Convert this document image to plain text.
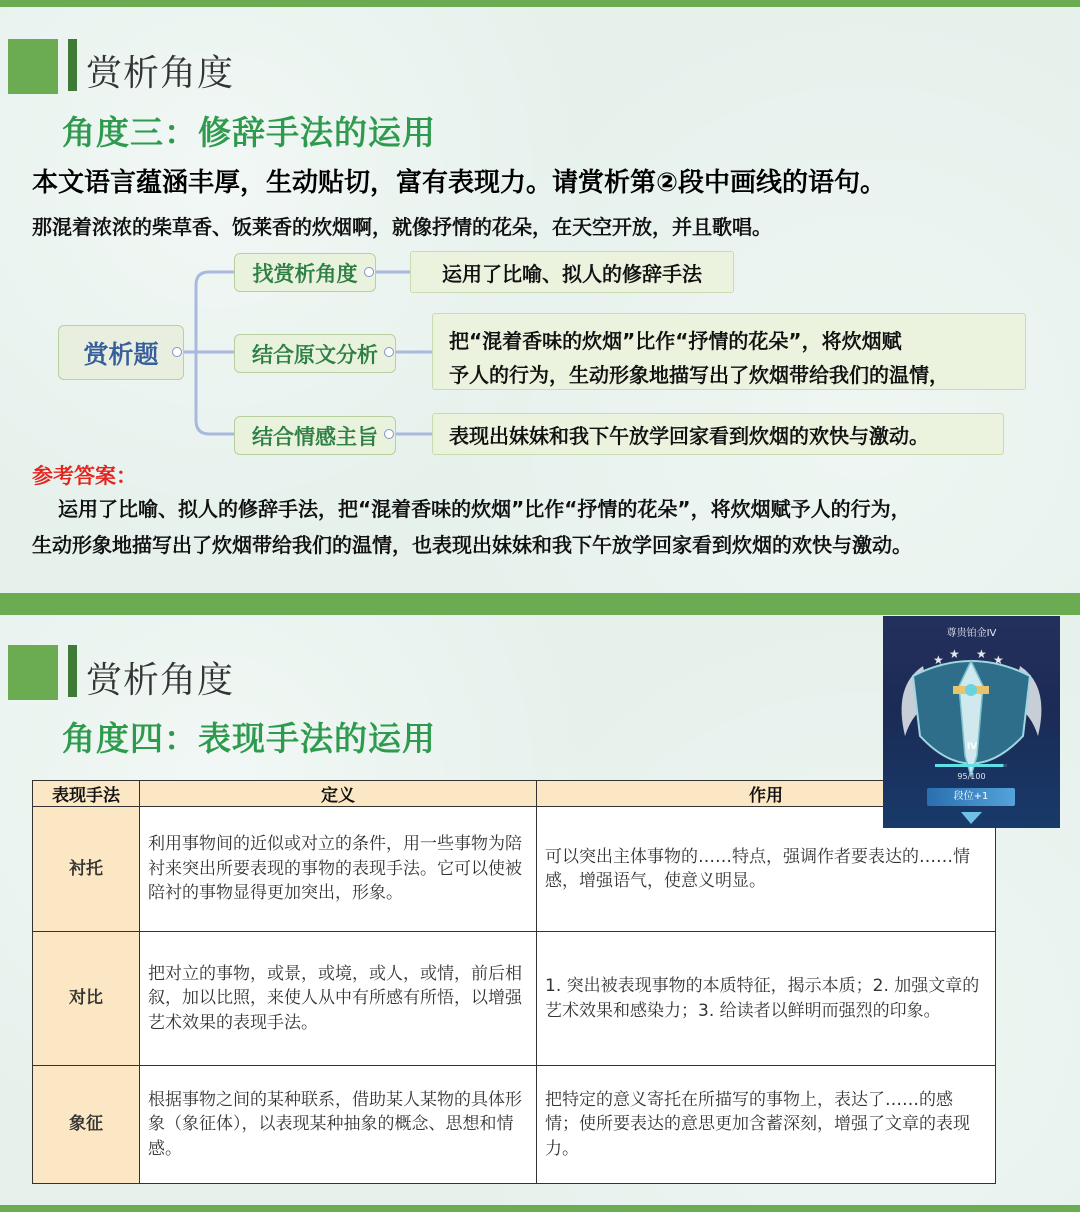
赏析角度
角度三：修辞手法的运用
本文语言蕴涵丰厚，生动贴切，富有表现力。请赏析第②段中画线的语句。
那混着浓浓的柴草香、饭莱香的炊烟啊，就像抒情的花朵，在天空开放，并且歌唱。
赏析题
找赏析角度
结合原文分析
结合情感主旨
运用了比喻、拟人的修辞手法
把“混着香味的炊烟”比作“抒情的花朵”，将炊烟赋
予人的行为，生动形象地描写出了炊烟带给我们的温情，
表现出妹妹和我下午放学回家看到炊烟的欢快与激动。
参考答案：
运用了比喻、拟人的修辞手法，把“混着香味的炊烟”比作“抒情的花朵”，将炊烟赋予人的行为，
生动形象地描写出了炊烟带给我们的温情，也表现出妹妹和我下午放学回家看到炊烟的欢快与激动。
赏析角度
角度四：表现手法的运用
表现手法	定义	作用
衬托	利用事物间的近似或对立的条件，用一些事物为陪衬来突出所要表现的事物的表现手法。它可以使被陪衬的事物显得更加突出，形象。	可以突出主体事物的……特点，强调作者要表达的……情感，增强语气，使意义明显。
对比	把对立的事物，或景，或境，或人，或情，前后相叙，加以比照，来使人从中有所感有所悟，以增强艺术效果的表现手法。	1. 突出被表现事物的本质特征，揭示本质；2. 加强文章的艺术效果和感染力；3. 给读者以鲜明而强烈的印象。
象征	根据事物之间的某种联系，借助某人某物的具体形象（象征体），以表现某种抽象的概念、思想和情感。	把特定的意义寄托在所描写的事物上，表达了……的感情；使所要表达的意思更加含蓄深刻，增强了文章的表现力。
尊贵铂金IV
★ ★ ★ ★
IV
95/100
段位+1
